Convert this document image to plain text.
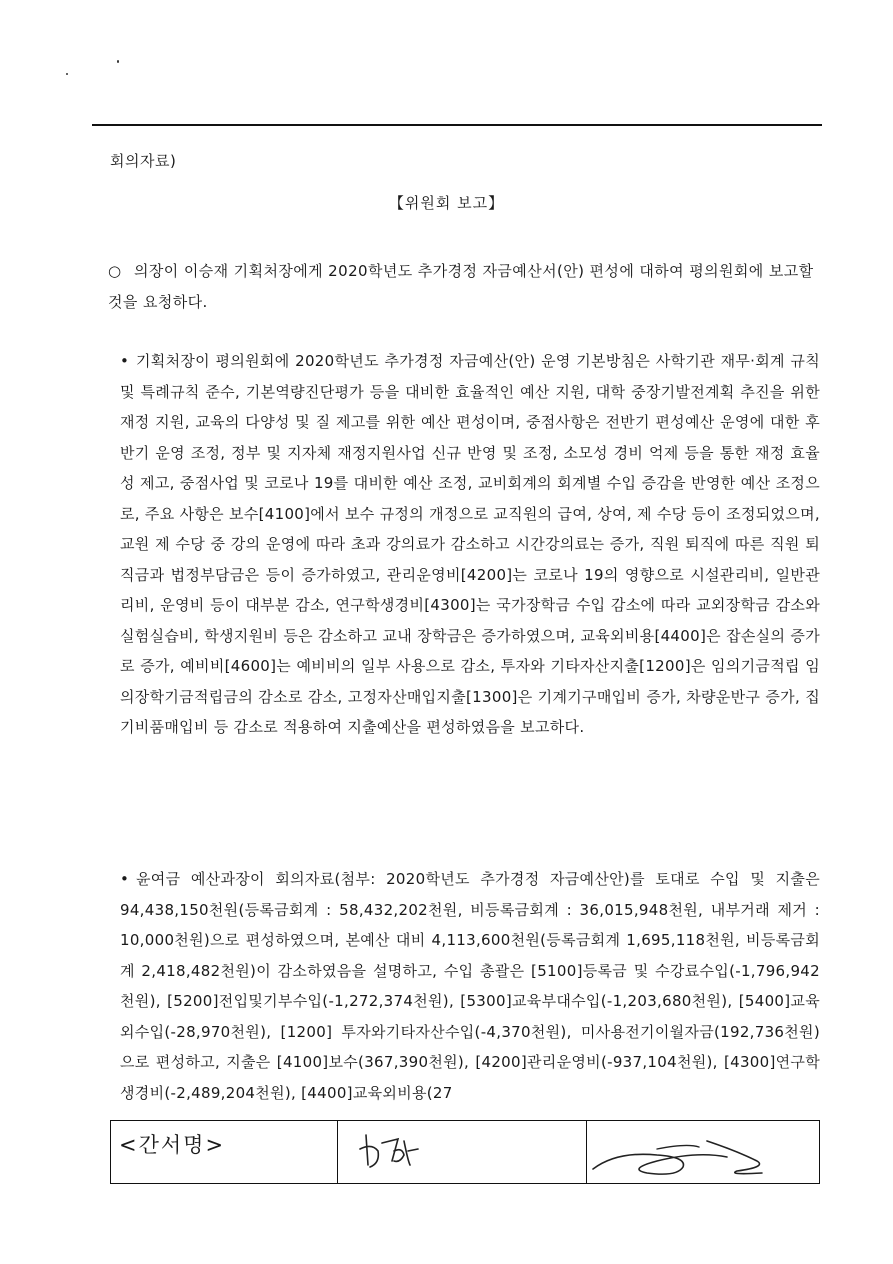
회의자료)
【위원회 보고】
○ 의장이 이승재 기획처장에게 2020학년도 추가경정 자금예산서(안) 편성에 대하여 평의원회에 보고할 것을 요청하다.
• 기획처장이 평의원회에 2020학년도 추가경정 자금예산(안) 운영 기본방침은 사학기관 재무·회계 규칙 및 특례규칙 준수, 기본역량진단평가 등을 대비한 효율적인 예산 지원, 대학 중장기발전계획 추진을 위한 재정 지원, 교육의 다양성 및 질 제고를 위한 예산 편성이며, 중점사항은 전반기 편성예산 운영에 대한 후반기 운영 조정, 정부 및 지자체 재정지원사업 신규 반영 및 조정, 소모성 경비 억제 등을 통한 재정 효율성 제고, 중점사업 및 코로나 19를 대비한 예산 조정, 교비회계의 회계별 수입 증감을 반영한 예산 조정으로, 주요 사항은 보수[4100]에서 보수 규정의 개정으로 교직원의 급여, 상여, 제 수당 등이 조정되었으며, 교원 제 수당 중 강의 운영에 따라 초과 강의료가 감소하고 시간강의료는 증가, 직원 퇴직에 따른 직원 퇴직금과 법정부담금은 등이 증가하였고, 관리운영비[4200]는 코로나 19의 영향으로 시설관리비, 일반관리비, 운영비 등이 대부분 감소, 연구학생경비[4300]는 국가장학금 수입 감소에 따라 교외장학금 감소와 실험실습비, 학생지원비 등은 감소하고 교내 장학금은 증가하였으며, 교육외비용[4400]은 잡손실의 증가로 증가, 예비비[4600]는 예비비의 일부 사용으로 감소, 투자와 기타자산지출[1200]은 임의기금적립 임의장학기금적립금의 감소로 감소, 고정자산매입지출[1300]은 기계기구매입비 증가, 차량운반구 증가, 집기비품매입비 등 감소로 적용하여 지출예산을 편성하였음을 보고하다.
• 윤여금 예산과장이 회의자료(첨부: 2020학년도 추가경정 자금예산안)를 토대로 수입 및 지출은 94,438,150천원(등록금회계 : 58,432,202천원, 비등록금회계 : 36,015,948천원, 내부거래 제거 : 10,000천원)으로 편성하였으며, 본예산 대비 4,113,600천원(등록금회계 1,695,118천원, 비등록금회계 2,418,482천원)이 감소하였음을 설명하고, 수입 총괄은 [5100]등록금 및 수강료수입(-1,796,942천원), [5200]전입및기부수입(-1,272,374천원), [5300]교육부대수입(-1,203,680천원), [5400]교육외수입(-28,970천원), [1200] 투자와기타자산수입(-4,370천원), 미사용전기이월자금(192,736천원)으로 편성하고, 지출은 [4100]보수(367,390천원), [4200]관리운영비(-937,104천원), [4300]연구학생경비(-2,489,204천원), [4400]교육외비용(27
<간서명>
